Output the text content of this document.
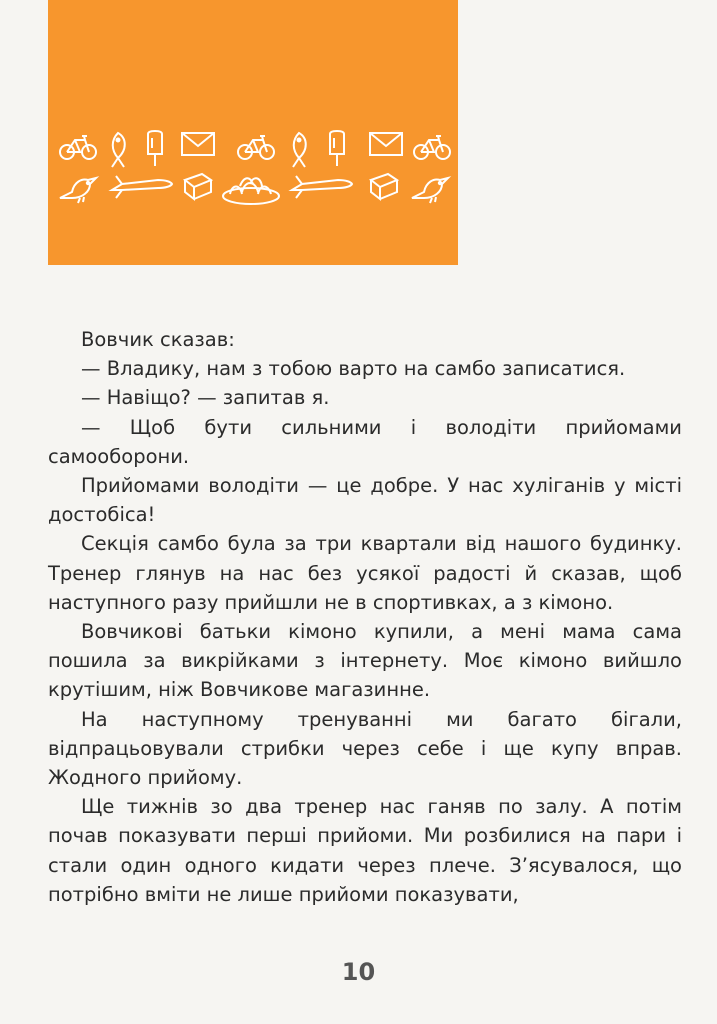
Вовчик сказав:

— Владику, нам з тобою варто на самбо записатися.

— Навіщо? — запитав я.

— Щоб бути сильними і володіти прийомами самооборони.

Прийомами володіти — це добре. У нас хуліганів у місті достобіса!

Секція самбо була за три квартали від нашого будинку. Тренер глянув на нас без усякої радості й сказав, щоб наступного разу прийшли не в спортивках, а з кімоно.

Вовчикові батьки кімоно купили, а мені мама сама пошила за викрійками з інтернету. Моє кімоно вийшло крутішим, ніж Вовчикове магазинне.

На наступному тренуванні ми багато бігали, відпрацьовували стрибки через себе і ще купу вправ. Жодного прийому.

Ще тижнів зо два тренер нас ганяв по залу. А потім почав показувати перші прийоми. Ми розбилися на пари і стали один одного кидати через плече. З’ясувалося, що потрібно вміти не лише прийоми показувати,

10
